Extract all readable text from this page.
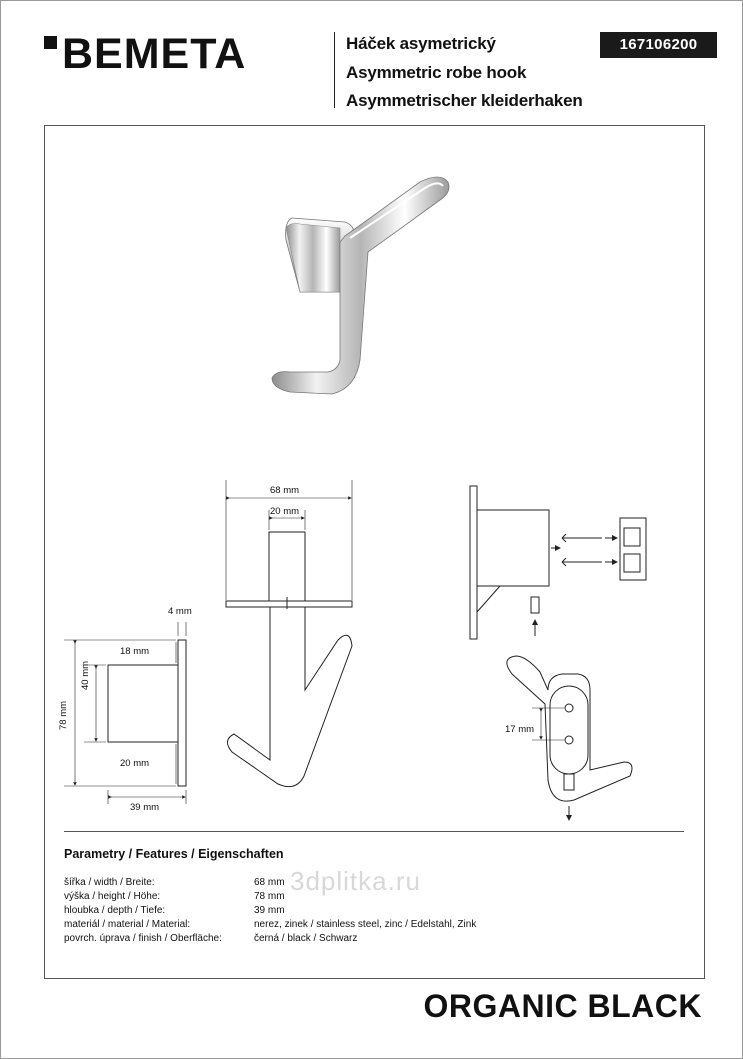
BEMETA	Háček asymetrický
Asymmetric robe hook
Asymmetrischer kleiderhaken
167106200
68 mm
20 mm
4 mm
18 mm
40 mm
78 mm
20 mm
39 mm
17 mm
Parametry / Features / Eigenschaften
šířka / width / Breite:	68 mm
výška / height / Höhe:	78 mm
hloubka / depth / Tiefe:	39 mm
materiál / material / Material:	nerez, zinek / stainless steel, zinc / Edelstahl, Zink
povrch. úprava / finish / Oberfläche:	černá / black / Schwarz
3dplitka.ru
ORGANIC BLACK
